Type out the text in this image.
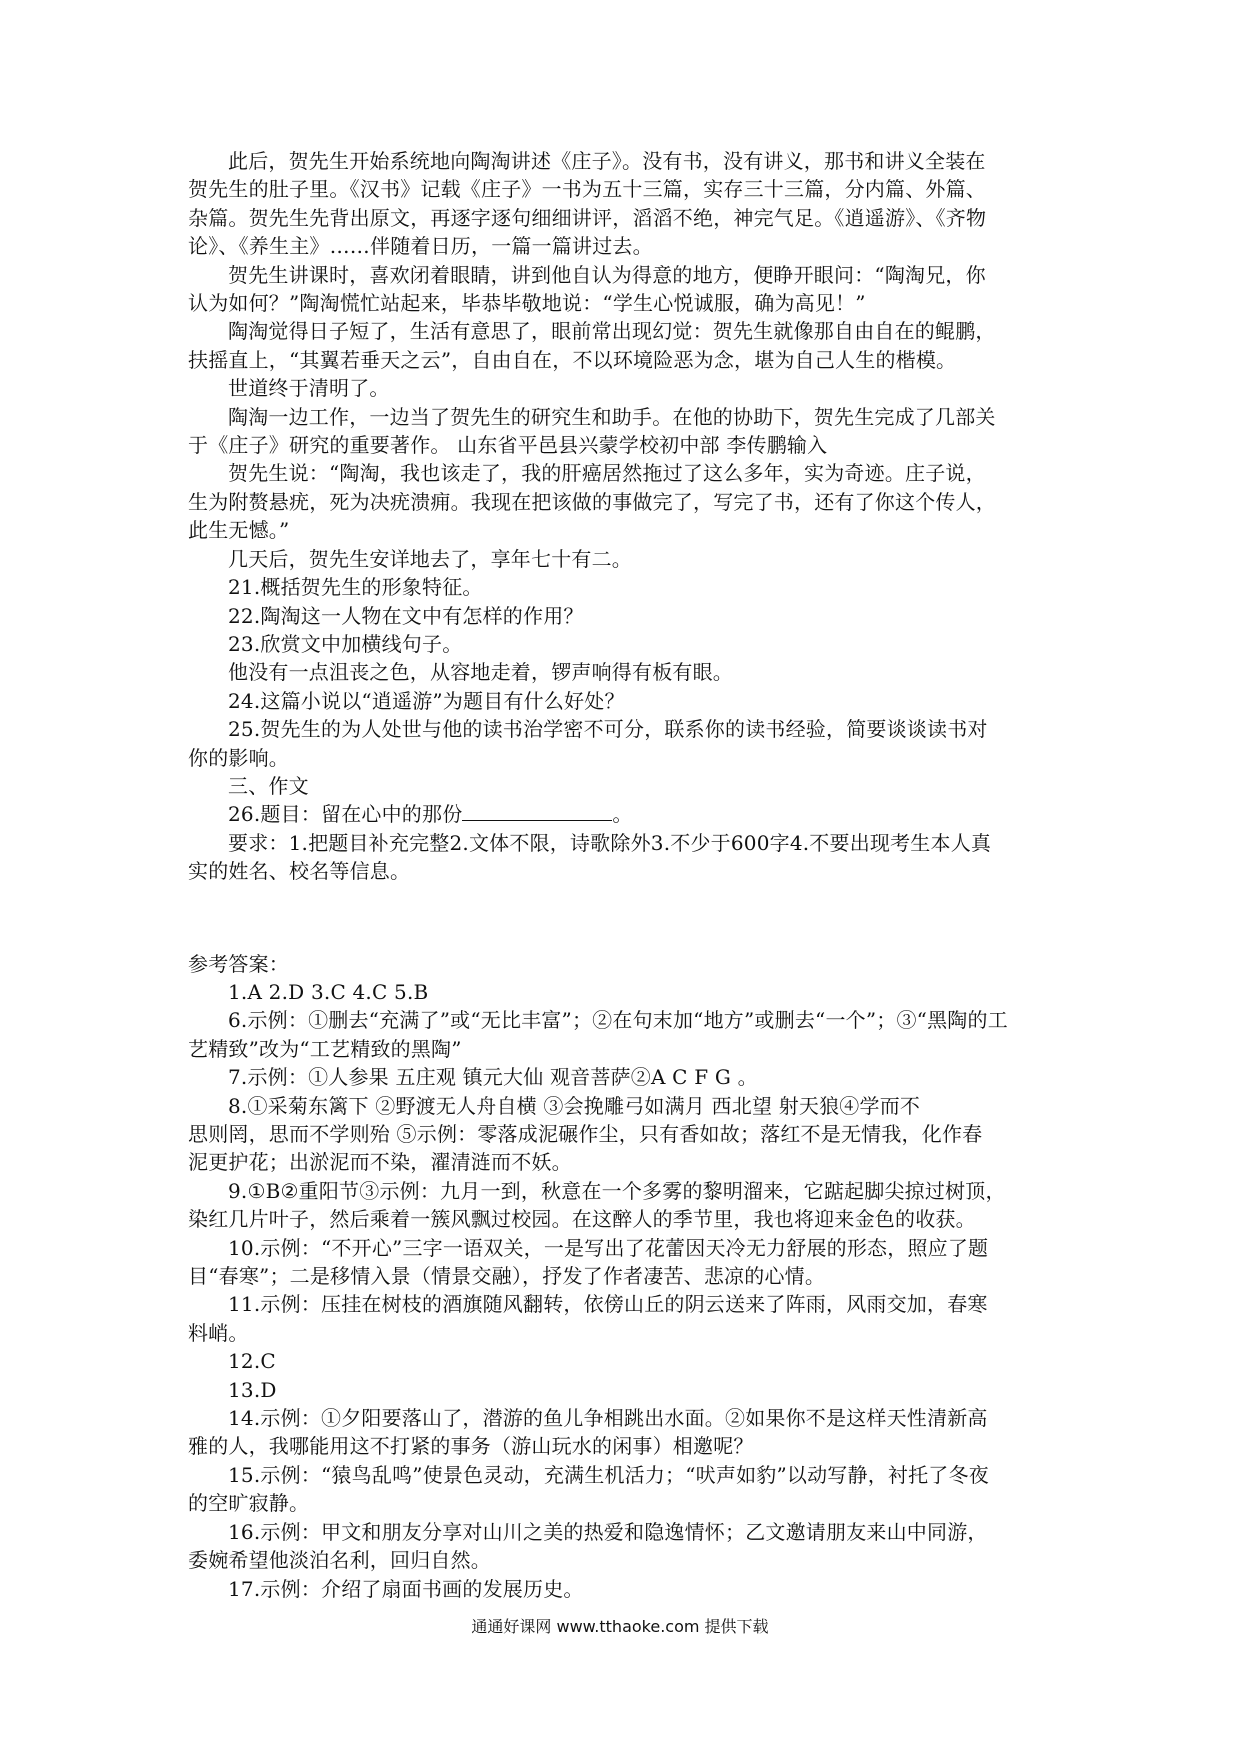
此后，贺先生开始系统地向陶淘讲述《庄子》。没有书，没有讲义，那书和讲义全装在
贺先生的肚子里。《汉书》记载《庄子》一书为五十三篇，实存三十三篇，分内篇、外篇、
杂篇。贺先生先背出原文，再逐字逐句细细讲评，滔滔不绝，神完气足。《逍遥游》、《齐物
论》、《养生主》……伴随着日历，一篇一篇讲过去。
贺先生讲课时，喜欢闭着眼睛，讲到他自认为得意的地方，便睁开眼问：“陶淘兄，你
认为如何？”陶淘慌忙站起来，毕恭毕敬地说：“学生心悦诚服，确为高见！”
陶淘觉得日子短了，生活有意思了，眼前常出现幻觉：贺先生就像那自由自在的鲲鹏，
扶摇直上，“其翼若垂天之云”，自由自在，不以环境险恶为念，堪为自己人生的楷模。
世道终于清明了。
陶淘一边工作，一边当了贺先生的研究生和助手。在他的协助下，贺先生完成了几部关
于《庄子》研究的重要著作。 山东省平邑县兴蒙学校初中部 李传鹏输入
贺先生说：“陶淘，我也该走了，我的肝癌居然拖过了这么多年，实为奇迹。庄子说，
生为附赘悬疣，死为决疣溃痈。我现在把该做的事做完了，写完了书，还有了你这个传人，
此生无憾。”
几天后，贺先生安详地去了，享年七十有二。
21.概括贺先生的形象特征。
22.陶淘这一人物在文中有怎样的作用？
23.欣赏文中加横线句子。
他没有一点沮丧之色，从容地走着，锣声响得有板有眼。
24.这篇小说以“逍遥游”为题目有什么好处？
25.贺先生的为人处世与他的读书治学密不可分，联系你的读书经验，简要谈谈读书对
你的影响。
三、作文
26.题目：留在心中的那份	。
要求：1.把题目补充完整2.文体不限，诗歌除外3.不少于600字4.不要出现考生本人真
实的姓名、校名等信息。
参考答案：
1.A 2.D 3.C 4.C 5.B
6.示例：①删去“充满了”或“无比丰富”；②在句末加“地方”或删去“一个”；③“黑陶的工
艺精致”改为“工艺精致的黑陶”
7.示例：①人参果 五庄观 镇元大仙 观音菩萨②A C F G 。
8.①采菊东篱下 ②野渡无人舟自横 ③会挽雕弓如满月 西北望 射天狼④学而不
思则罔，思而不学则殆 ⑤示例：零落成泥碾作尘，只有香如故；落红不是无情我，化作春
泥更护花；出淤泥而不染，濯清涟而不妖。
9.①B②重阳节③示例：九月一到，秋意在一个多雾的黎明溜来，它踮起脚尖掠过树顶，
染红几片叶子，然后乘着一簇风飘过校园。在这醉人的季节里，我也将迎来金色的收获。
10.示例：“不开心”三字一语双关，一是写出了花蕾因天冷无力舒展的形态，照应了题
目“春寒”；二是移情入景（情景交融），抒发了作者凄苦、悲凉的心情。
11.示例：压挂在树枝的酒旗随风翻转，依傍山丘的阴云送来了阵雨，风雨交加，春寒
料峭。
12.C
13.D
14.示例：①夕阳要落山了，潜游的鱼儿争相跳出水面。②如果你不是这样天性清新高
雅的人，我哪能用这不打紧的事务（游山玩水的闲事）相邀呢？
15.示例：“猿鸟乱鸣”使景色灵动，充满生机活力；“吠声如豹”以动写静，衬托了冬夜
的空旷寂静。
16.示例：甲文和朋友分享对山川之美的热爱和隐逸情怀；乙文邀请朋友来山中同游，
委婉希望他淡泊名利，回归自然。
17.示例：介绍了扇面书画的发展历史。
通通好课网 www.tthaoke.com 提供下载
